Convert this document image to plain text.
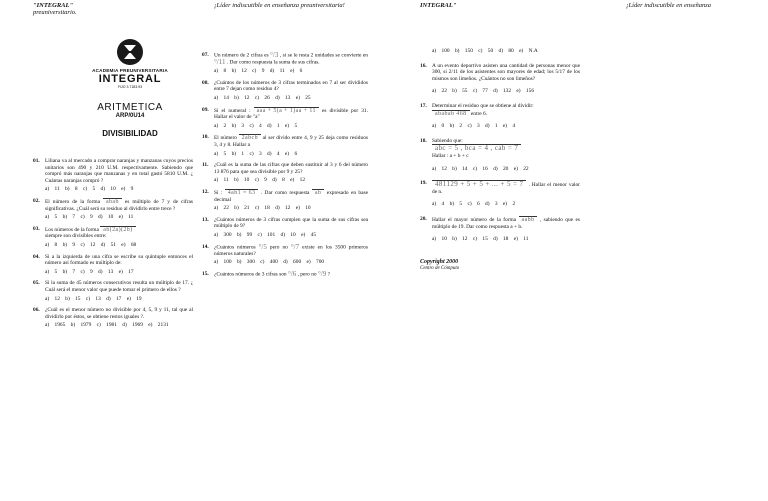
"INTEGRAL"
preuniversitario.
¡Líder indiscutible en enseñanza preuniversitaria!
ACADEMIA PREUNIVERSITARIA
INTEGRAL
FIJO 3.7183.93
ARITMETICA
ARP/0U14
DIVISIBILIDAD
01. Liliana va al mercado a comprar naranjas y manzanas cuyos precios unitarios son 490 y 210 U.M. respectivamente. Sabiendo que compró más naranjas que manzanas y en total gastó 5810 U.M. ¿ Cuántas naranjas compró ?
a) 11 b) 8 c) 5 d) 10 e) 9
02. El número de la forma abab es múltiplo de 7 y de cifras significativas. ¿Cuál será su residuo al dividirlo entre trece ?
a) 5 b) 7 c) 9 d) 10 e) 11
03. Los números de la forma ab(2a)(2b)
siempre son divisibles entre:
a) 8 b) 9 c) 12 d) 51 e) 68
04. Si a la izquierda de una cifra se escribe su quíntuple entonces el número así formado es múltiplo de:
a) 5 b) 7 c) 9 d) 13 e) 17
05. Si la suma de 45 números consecutivos resulta un múltiplo de 17. ¿ Cuál será el menor valor que puede tomar el primero de ellos ?
a) 12 b) 15 c) 13 d) 17 e) 19
06. ¿Cuál es el menor número no divisible por 4, 5, 9 y 11, tal que al dividirlo por éstos, se obtiene restos iguales ?.
a) 1965 b) 1979 c) 1981 d) 1969 e) 2131
07. Un número de 2 cifras es °/3 , si se le resta 2 unidades se convierte en °/11 . Dar como respuesta la suma de sus cifras.
a) 8 b) 12 c) 9 d) 11 e) 6
08. ¿Cuántos de los números de 3 cifras terminados en 7 al ser divididos entre 7 dejan como residuo 4?
a) 14 b) 12 c) 26 d) 13 e) 25
09. Si el numeral : aaa + 5(a + 1)aa + 11 es divisible por 31. Hallar el valor de "a"
a) 2 b) 3 c) 4 d) 1 e) 5
10. El número 2abcb al ser divido entre 4, 9 y 25 deja como residuos 3, 4 y 8. Hallar a
a) 5 b) 1 c) 3 d) 4 e) 6
11. ¿Cuál es la suma de las cifras que deben sustituir al 3 y 6 del número 13 876 para que sea divisible por 9 y 25?
a) 11 b) 10 c) 9 d) 8 e) 12
12. Si : 4ab1 = 63 . Dar como respuesta ab expresado en base decimal
a) 22 b) 21 c) 18 d) 12 e) 10
13. ¿Cuántos números de 3 cifras cumplen que la suma de sus cifras sea múltiplo de 9?
a) 300 b) 99 c) 101 d) 10 e) 45
14. ¿Cuántos números °/5 pero no °/7 existe en los 3500 primeros números naturales?
a) 100 b) 300 c) 400 d) 600 e) 700
15. ¿Cuántos números de 3 cifras son °/6 , pero no °/9 ?
INTEGRAL"	¡Líder indiscutible en enseñanza
a) 100 b) 150 c) 50 d) 80 e) N.A
16. A un evento deportivo asisten una cantidad de personas menor que 300, si 2/11 de los asistentes son mayores de edad; los 5/17 de los mismos son limeños. ¿Cuántos no son limeños?
a) 22 b) 55 c) 77 d) 132 e) 156
17. Determinar el residuo que se obtiene al dividir:
ababab 468 entre 6.
a) 0 b) 2 c) 3 d) 1 e) 4
18. Sabiendo que:
abc = 5 , bca = 4 , cab = 7
Hallar : a + b + c
a) 12 b) 14 c) 16 d) 20 e) 22
19.	481129 + 5 + 5 + ... + 5 = 7 . Hallar el menor valor de n.
a) 4 b) 5 c) 6 d) 3 e) 2
20. Hallar el mayor número de la forma aabb , sabiendo que es múltiplo de 19. Dar como respuesta a + b.
a) 10 b) 12 c) 15 d) 18 e) 11
Copyright 2000
Centro de Cómputo
